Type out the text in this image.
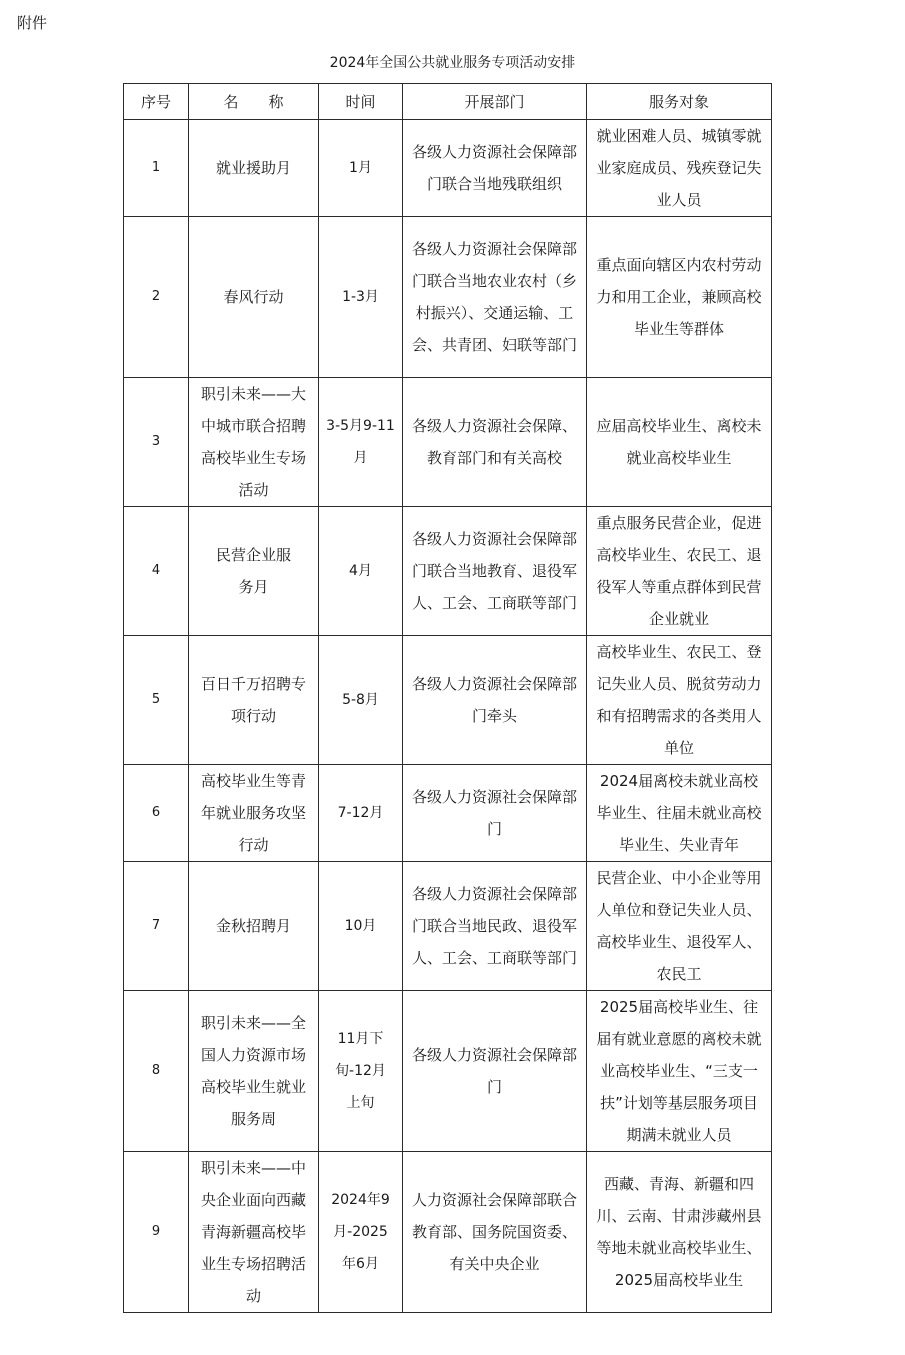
附件
2024年全国公共就业服务专项活动安排
序号	名　　称	时间	开展部门	服务对象
1	就业援助月	1月	各级人力资源社会保障部门联合当地残联组织	就业困难人员、城镇零就业家庭成员、残疾登记失业人员
2	春风行动	1-3月	各级人力资源社会保障部门联合当地农业农村（乡村振兴）、交通运输、工会、共青团、妇联等部门	重点面向辖区内农村劳动力和用工企业，兼顾高校毕业生等群体
3	职引未来——大中城市联合招聘高校毕业生专场活动	3-5月9-11月	各级人力资源社会保障、教育部门和有关高校	应届高校毕业生、离校未就业高校毕业生
4	民营企业服务月	4月	各级人力资源社会保障部门联合当地教育、退役军人、工会、工商联等部门	重点服务民营企业，促进高校毕业生、农民工、退役军人等重点群体到民营企业就业
5	百日千万招聘专项行动	5-8月	各级人力资源社会保障部门牵头	高校毕业生、农民工、登记失业人员、脱贫劳动力和有招聘需求的各类用人单位
6	高校毕业生等青年就业服务攻坚行动	7-12月	各级人力资源社会保障部门	2024届离校未就业高校毕业生、往届未就业高校毕业生、失业青年
7	金秋招聘月	10月	各级人力资源社会保障部门联合当地民政、退役军人、工会、工商联等部门	民营企业、中小企业等用人单位和登记失业人员、高校毕业生、退役军人、农民工
8	职引未来——全国人力资源市场高校毕业生就业服务周	11月下旬-12月上旬	各级人力资源社会保障部门	2025届高校毕业生、往届有就业意愿的离校未就业高校毕业生、“三支一扶”计划等基层服务项目期满未就业人员
9	职引未来——中央企业面向西藏青海新疆高校毕业生专场招聘活动	2024年9月-2025年6月	人力资源社会保障部联合教育部、国务院国资委、有关中央企业	西藏、青海、新疆和四川、云南、甘肃涉藏州县等地未就业高校毕业生、2025届高校毕业生
